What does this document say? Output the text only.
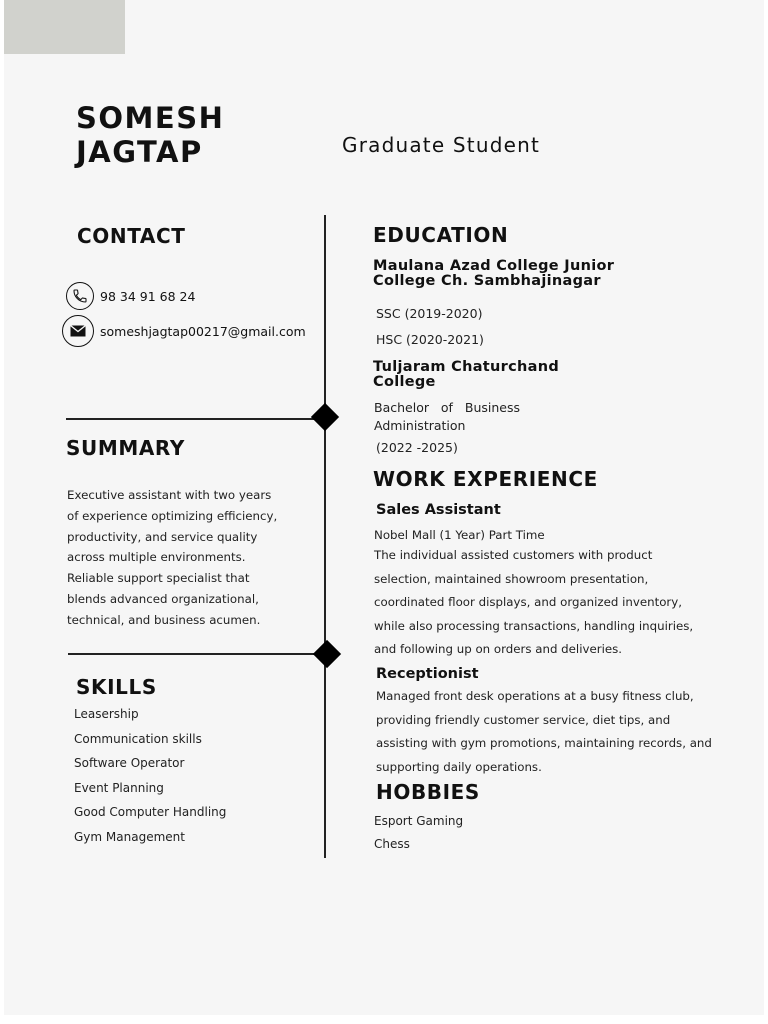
SOMESH
JAGTAP	Graduate Student
CONTACT
98 34 91 68 24
someshjagtap00217@gmail.com
SUMMARY
Executive assistant with two years
of experience optimizing efficiency,
productivity, and service quality
across multiple environments.
Reliable support specialist that
blends advanced organizational,
technical, and business acumen.
SKILLS
Leasership
Communication skills
Software Operator
Event Planning
Good Computer Handling
Gym Management
EDUCATION
Maulana Azad College Junior
College Ch. Sambhajinagar
SSC (2019-2020)
HSC (2020-2021)
Tuljaram Chaturchand
College
Bachelor   of   Business
Administration
(2022 -2025)
WORK EXPERIENCE
Sales Assistant
Nobel Mall (1 Year) Part Time
The individual assisted customers with product
selection, maintained showroom presentation,
coordinated floor displays, and organized inventory,
while also processing transactions, handling inquiries,
and following up on orders and deliveries.
Receptionist
Managed front desk operations at a busy fitness club,
providing friendly customer service, diet tips, and
assisting with gym promotions, maintaining records, and
supporting daily operations.
HOBBIES
Esport Gaming
Chess
